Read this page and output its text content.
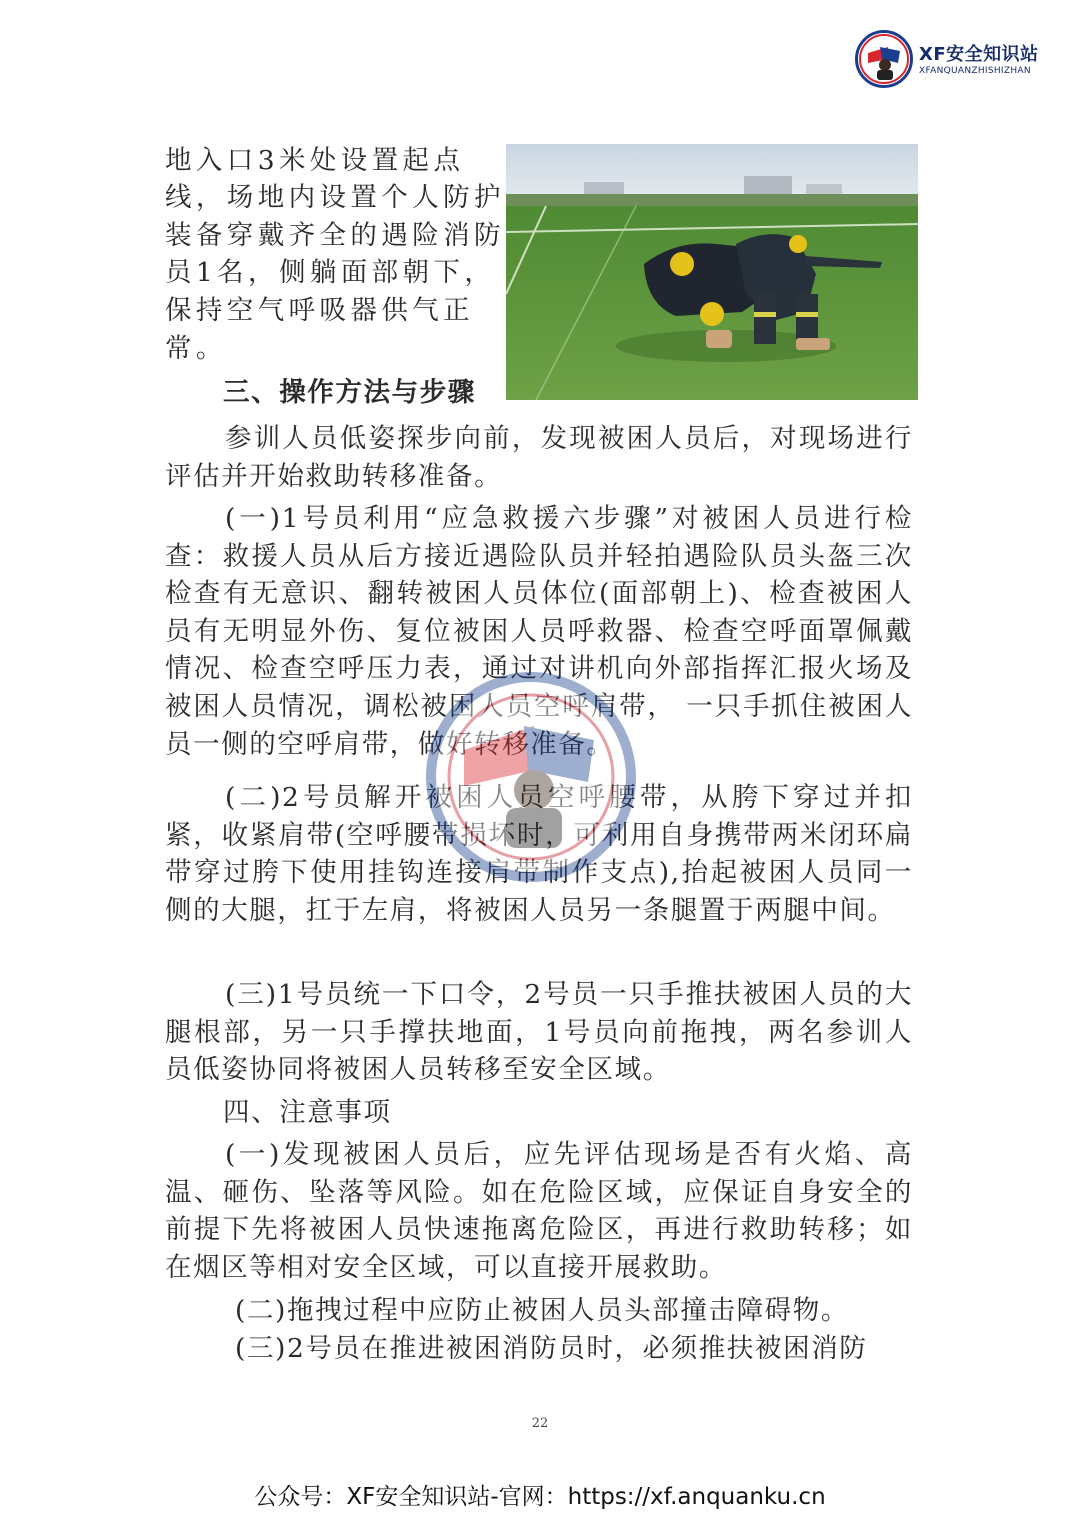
XF安全知识站
XFANQUANZHISHIZHAN
地入口3米处设置起点
线，场地内设置个人防护
装备穿戴齐全的遇险消防
员1名，侧躺面部朝下，
保持空气呼吸器供气正
常。
三、操作方法与步骤
参训人员低姿探步向前，发现被困人员后，对现场进行评估并开始救助转移准备。
(一)1号员利用“应急救援六步骤”对被困人员进行检查：救援人员从后方接近遇险队员并轻拍遇险队员头盔三次检查有无意识、翻转被困人员体位(面部朝上)、检查被困人员有无明显外伤、复位被困人员呼救器、检查空呼面罩佩戴情况、检查空呼压力表，通过对讲机向外部指挥汇报火场及被困人员情况，调松被困人员空呼肩带， 一只手抓住被困人员一侧的空呼肩带，做好转移准备。
(二)2号员解开被困人员空呼腰带，从胯下穿过并扣紧，收紧肩带(空呼腰带损坏时，可利用自身携带两米闭环扁带穿过胯下使用挂钩连接肩带制作支点),抬起被困人员同一侧的大腿，扛于左肩，将被困人员另一条腿置于两腿中间。
(三)1号员统一下口令，2号员一只手推扶被困人员的大腿根部，另一只手撑扶地面，1号员向前拖拽，两名参训人员低姿协同将被困人员转移至安全区域。
四、注意事项
(一)发现被困人员后，应先评估现场是否有火焰、高温、砸伤、坠落等风险。如在危险区域，应保证自身安全的前提下先将被困人员快速拖离危险区，再进行救助转移；如在烟区等相对安全区域，可以直接开展救助。
(二)拖拽过程中应防止被困人员头部撞击障碍物。
(三)2号员在推进被困消防员时，必须推扶被困消防
22
公众号：XF安全知识站-官网：https://xf.anquanku.cn
